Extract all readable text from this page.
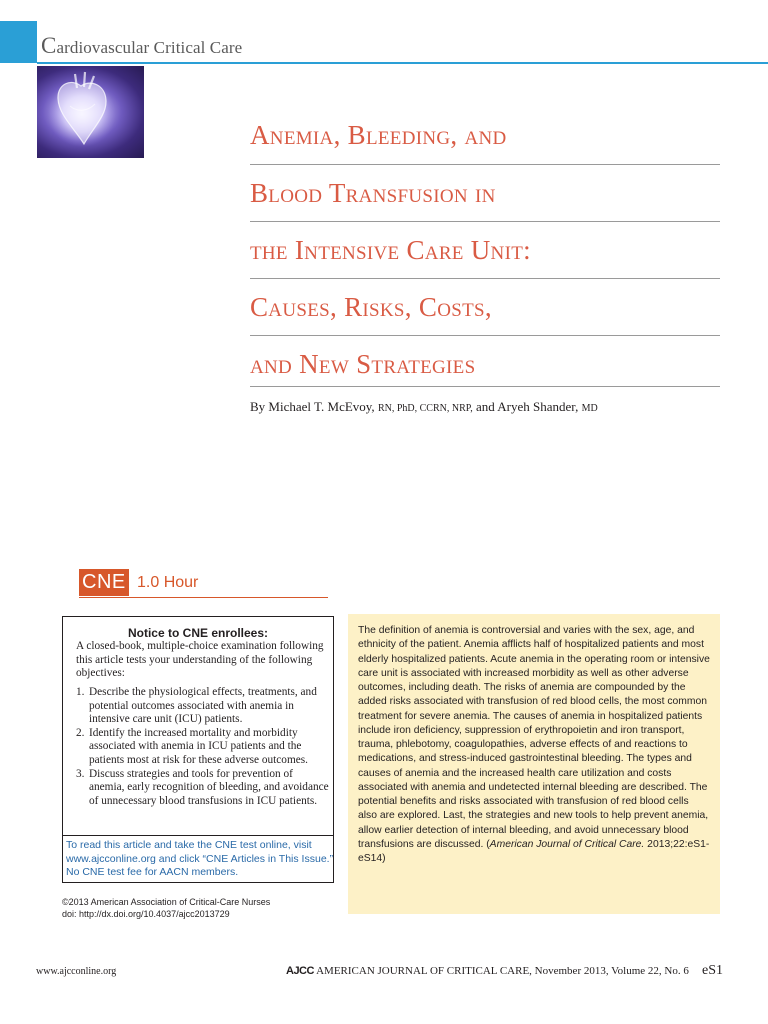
Cardiovascular Critical Care
Anemia, Bleeding, and
Blood Transfusion in
the Intensive Care Unit:
Causes, Risks, Costs,
and New Strategies
By Michael T. McEvoy, RN, PhD, CCRN, NRP, and Aryeh Shander, MD
CNE 1.0 Hour
Notice to CNE enrollees:
A closed-book, multiple-choice examination following this article tests your understanding of the following objectives:
1. Describe the physiological effects, treatments, and potential outcomes associated with anemia in intensive care unit (ICU) patients.
2. Identify the increased mortality and morbidity associated with anemia in ICU patients and the patients most at risk for these adverse outcomes.
3. Discuss strategies and tools for prevention of anemia, early recognition of bleeding, and avoidance of unnecessary blood transfusions in ICU patients.
To read this article and take the CNE test online, visit www.ajcconline.org and click “CNE Articles in This Issue.” No CNE test fee for AACN members.
©2013 American Association of Critical-Care Nurses
doi: http://dx.doi.org/10.4037/ajcc2013729

The definition of anemia is controversial and varies with the sex, age, and ethnicity of the patient. Anemia afflicts half of hospitalized patients and most elderly hospitalized patients. Acute anemia in the operating room or intensive care unit is associated with increased morbidity as well as other adverse outcomes, including death. The risks of anemia are compounded by the added risks associated with transfusion of red blood cells, the most common treatment for severe anemia. The causes of anemia in hospitalized patients include iron deficiency, suppression of erythropoietin and iron transport, trauma, phlebotomy, coagulopathies, adverse effects of and reactions to medications, and stress-induced gastrointestinal bleeding. The types and causes of anemia and the increased health care utilization and costs associated with anemia and undetected internal bleeding are described. The potential benefits and risks associated with transfusion of red blood cells also are explored. Last, the strategies and new tools to help prevent anemia, allow earlier detection of internal bleeding, and avoid unnecessary blood transfusions are discussed. (American Journal of Critical Care. 2013;22:eS1-eS14)

www.ajcconline.org	AJCC AMERICAN JOURNAL OF CRITICAL CARE, November 2013, Volume 22, No. 6 eS1
